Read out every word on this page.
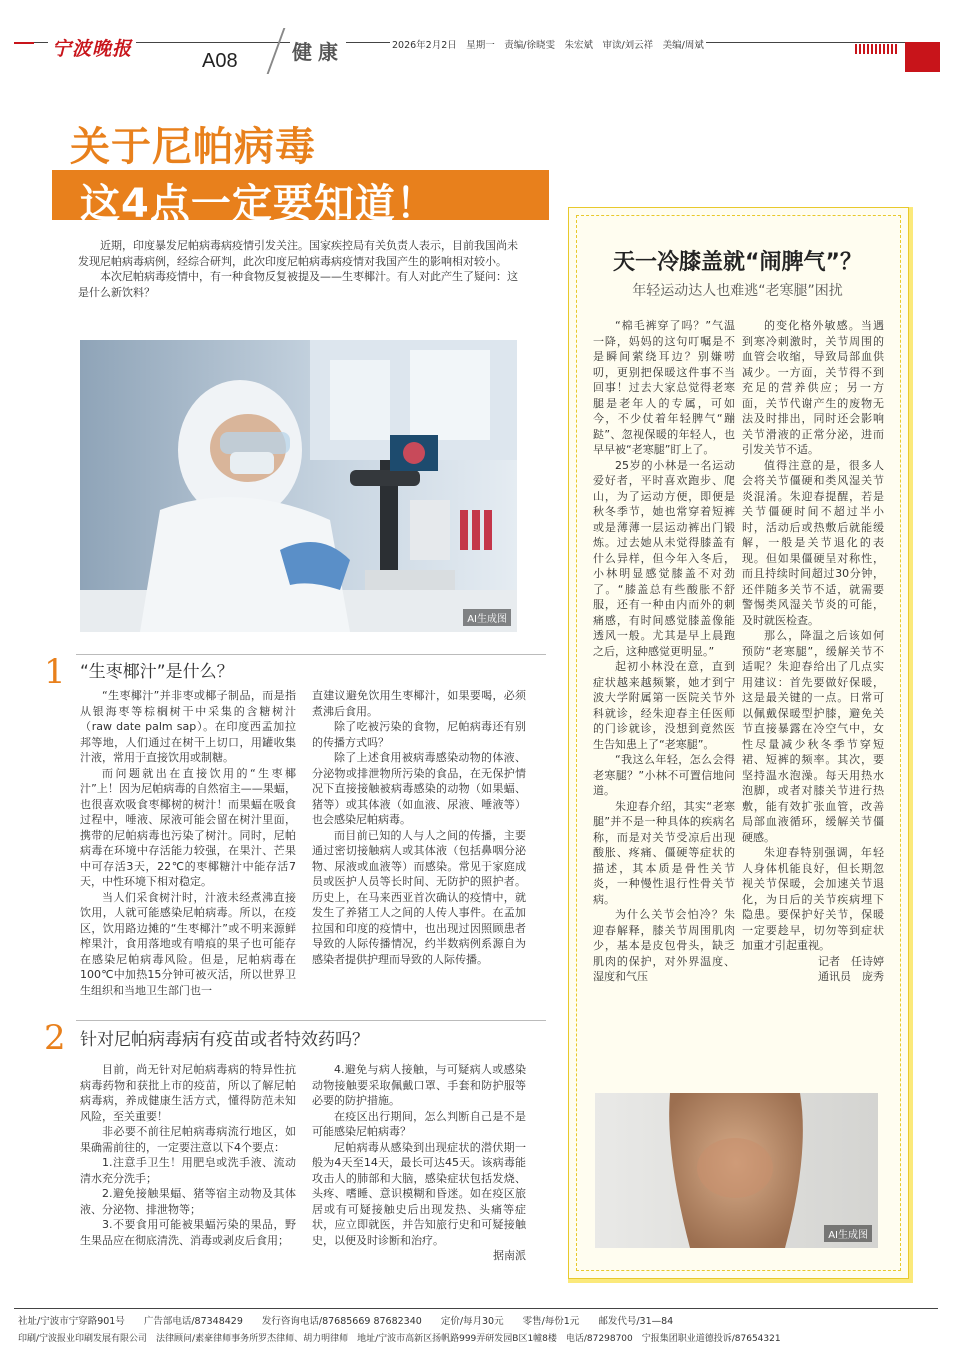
宁波晚报
A08	健康	2026年2月2日　星期一　责编/徐晓雯　朱宏斌　审读/刘云祥　美编/周斌
关于尼帕病毒
这4点一定要知道！

近期，印度暴发尼帕病毒病疫情引发关注。国家疾控局有关负责人表示，目前我国尚未发现尼帕病毒病例，经综合研判，此次印度尼帕病毒病疫情对我国产生的影响相对较小。

本次尼帕病毒疫情中，有一种食物反复被提及——生枣椰汁。有人对此产生了疑问：这是什么新饮料？

AI生成图
1 “生枣椰汁”是什么？

“生枣椰汁”并非枣或椰子制品，而是指从银海枣等棕榈树干中采集的含糖树汁（raw date palm sap）。在印度西孟加拉邦等地，人们通过在树干上切口，用罐收集汁液，常用于直接饮用或制糖。

而问题就出在直接饮用的“生枣椰汁”上！因为尼帕病毒的自然宿主——果蝠，也很喜欢吸食枣椰树的树汁！而果蝠在吸食过程中，唾液、尿液可能会留在树汁里面，携带的尼帕病毒也污染了树汁。同时，尼帕病毒在环境中存活能力较强，在果汁、芒果中可存活3天，22℃的枣椰糖汁中能存活7天，中性环境下相对稳定。

当人们采食树汁时，汁液未经煮沸直接饮用，人就可能感染尼帕病毒。所以，在疫区，饮用路边摊的“生枣椰汁”或不明来源鲜榨果汁，食用落地或有啃痕的果子也可能存在感染尼帕病毒风险。但是，尼帕病毒在100℃中加热15分钟可被灭活，所以世界卫生组织和当地卫生部门也一

直建议避免饮用生枣椰汁，如果要喝，必须煮沸后食用。

除了吃被污染的食物，尼帕病毒还有别的传播方式吗？

除了上述食用被病毒感染动物的体液、分泌物或排泄物所污染的食品，在无保护情况下直接接触被病毒感染的动物（如果蝠、猪等）或其体液（如血液、尿液、唾液等）也会感染尼帕病毒。

而目前已知的人与人之间的传播，主要通过密切接触病人或其体液（包括鼻咽分泌物、尿液或血液等）而感染。常见于家庭成员或医护人员等长时间、无防护的照护者。历史上，在马来西亚首次确认的疫情中，就发生了养猪工人之间的人传人事件。在孟加拉国和印度的疫情中，也出现过因照顾患者导致的人际传播情况，约半数病例系源自为感染者提供护理而导致的人际传播。

2 针对尼帕病毒病有疫苗或者特效药吗？

目前，尚无针对尼帕病毒病的特异性抗病毒药物和获批上市的疫苗，所以了解尼帕病毒病，养成健康生活方式，懂得防范未知风险，至关重要！

非必要不前往尼帕病毒病流行地区，如果确需前往的，一定要注意以下4个要点：

1.注意手卫生！用肥皂或洗手液、流动清水充分洗手；

2.避免接触果蝠、猪等宿主动物及其体液、分泌物、排泄物等；

3.不要食用可能被果蝠污染的果品，野生果品应在彻底清洗、消毒或剥皮后食用；

4.避免与病人接触，与可疑病人或感染动物接触要采取佩戴口罩、手套和防护服等必要的防护措施。

在疫区出行期间，怎么判断自己是不是可能感染尼帕病毒？

尼帕病毒从感染到出现症状的潜伏期一般为4天至14天，最长可达45天。该病毒能攻击人的肺部和大脑，感染症状包括发烧、头疼、嗜睡、意识模糊和昏迷。如在疫区旅居或有可疑接触史后出现发热、头痛等症状，应立即就医，并告知旅行史和可疑接触史，以便及时诊断和治疗。

据南派

天一冷膝盖就“闹脾气”？
年轻运动达人也难逃“老寒腿”困扰

“棉毛裤穿了吗？”气温一降，妈妈的这句叮嘱是不是瞬间萦绕耳边？别嫌唠叨，更别把保暖这件事不当回事！过去大家总觉得老寒腿是老年人的专属，可如今，不少仗着年轻脾气“蹦跶”、忽视保暖的年轻人，也早早被“老寒腿”盯上了。

25岁的小林是一名运动爱好者，平时喜欢跑步、爬山，为了运动方便，即便是秋冬季节，她也常穿着短裤或是薄薄一层运动裤出门锻炼。过去她从未觉得膝盖有什么异样，但今年入冬后，小林明显感觉膝盖不对劲了。“膝盖总有些酸胀不舒服，还有一种由内而外的刺痛感，有时间感觉膝盖像能透风一般。尤其是早上晨跑之后，这种感觉更明显。”

起初小林没在意，直到症状越来越频繁，她才到宁波大学附属第一医院关节外科就诊，经朱迎春主任医师的门诊就诊，没想到竟然医生告知患上了“老寒腿”。

“我这么年轻，怎么会得老寒腿？”小林不可置信地问道。

朱迎春介绍，其实“老寒腿”并不是一种具体的疾病名称，而是对关节受凉后出现酸胀、疼痛、僵硬等症状的描述，其本质是骨性关节炎，一种慢性退行性骨关节病。

为什么关节会怕冷？朱迎春解释，膝关节周围肌肉少，基本是皮包骨头，缺乏肌肉的保护，对外界温度、湿度和气压

的变化格外敏感。当遇到寒冷刺激时，关节周围的血管会收缩，导致局部血供减少。一方面，关节得不到充足的营养供应；另一方面，关节代谢产生的废物无法及时排出，同时还会影响关节滑液的正常分泌，进而引发关节不适。

值得注意的是，很多人会将关节僵硬和类风湿关节炎混淆。朱迎春提醒，若是关节僵硬时间不超过半小时，活动后或热敷后就能缓解，一般是关节退化的表现。但如果僵硬呈对称性，而且持续时间超过30分钟，还伴随多关节不适，就需要警惕类风湿关节炎的可能，及时就医检查。

那么，降温之后该如何预防“老寒腿”，缓解关节不适呢？朱迎春给出了几点实用建议：首先要做好保暖，这是最关键的一点。日常可以佩戴保暖型护膝，避免关节直接暴露在冷空气中，女性尽量减少秋冬季节穿短裙、短裤的频率。其次，要坚持温水泡澡。每天用热水泡脚，或者对膝关节进行热敷，能有效扩张血管，改善局部血液循环，缓解关节僵硬感。

朱迎春特别强调，年轻人身体机能良好，但长期忽视关节保暖，会加速关节退化，为日后的关节疾病埋下隐患。要保护好关节，保暖一定要趁早，切勿等到症状加重才引起重视。

记者　任诗婷
通讯员　庞秀
AI生成图
社址/宁波市宁穿路901号　　广告部电话/87348429　　发行咨询电话/87685669 87682340　　定价/每月30元　　零售/每份1元　　邮发代号/31—84
印刷/宁波报业印刷发展有限公司　法律顾问/素豪律师事务所罗杰律师、胡力明律师　地址/宁波市高新区扬帆路999弄研发园B区1幢8楼　电话/87298700　宁报集团职业道德投诉/87654321
